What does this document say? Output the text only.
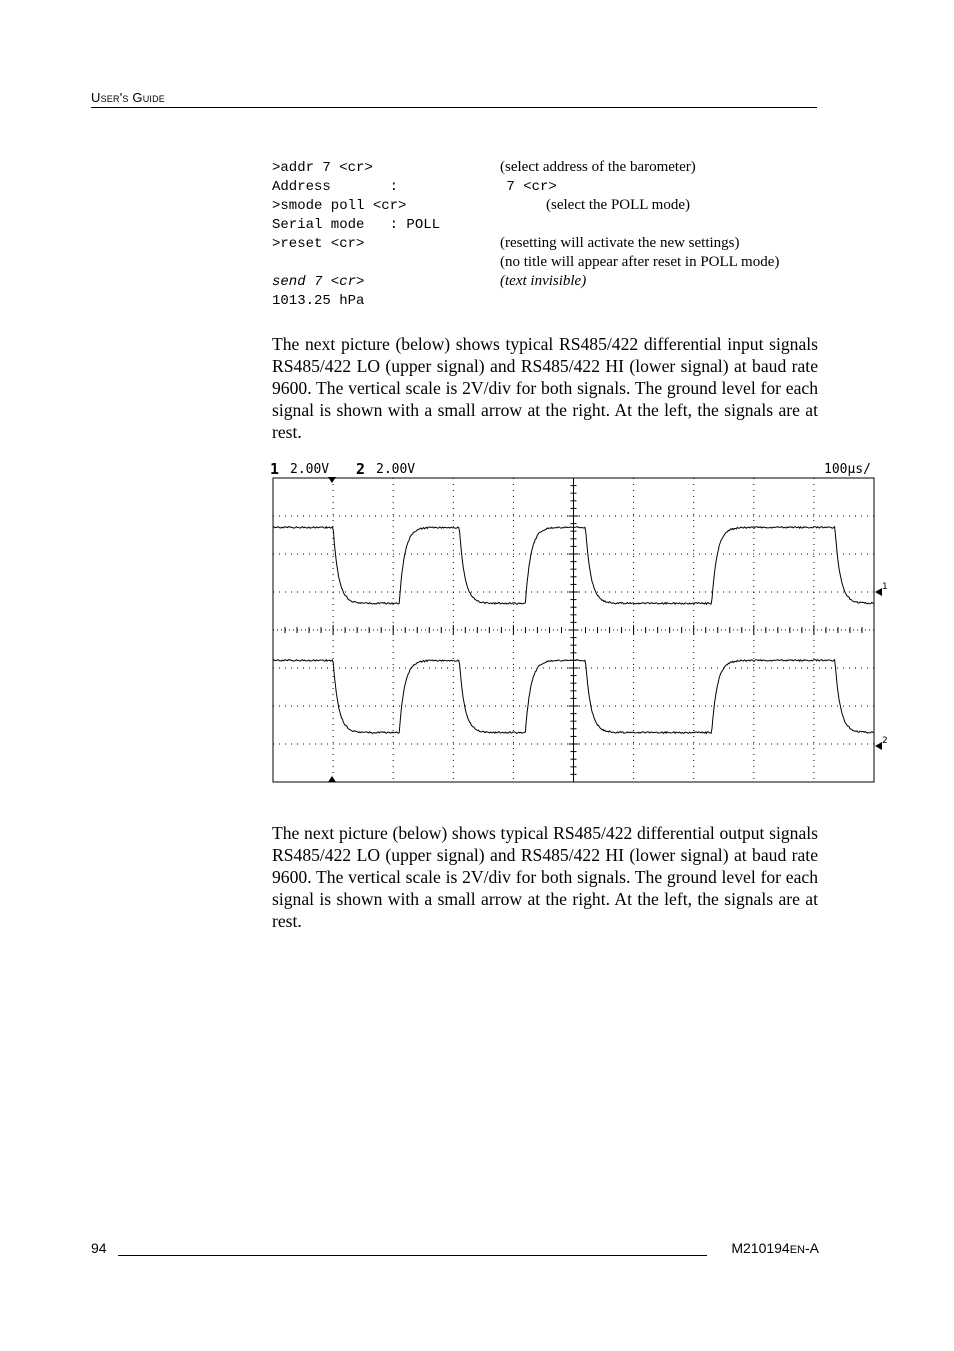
User's Guide
>addr 7 <cr>	(select address of the barometer)
Address       :	7 <cr>
>smode poll <cr>	(select the POLL mode)
Serial mode   : POLL
>reset <cr>	(resetting will activate the new settings)
(no title will appear after reset in POLL mode)
send 7 <cr>	(text invisible)
1013.25 hPa

The next picture (below) shows typical RS485/422 differential input signals RS485/422 LO (upper signal) and RS485/422 HI (lower signal) at baud rate 9600. The vertical scale is 2V/div for both signals. The ground level for each signal is shown with a small arrow at the right. At the left, the signals are at rest.

1 2.00V 2 2.00V	100µs/
1
2

The next picture (below) shows typical RS485/422 differential output signals RS485/422 LO (upper signal) and RS485/422 HI (lower signal) at baud rate 9600. The vertical scale is 2V/div for both signals. The ground level for each signal is shown with a small arrow at the right. At the left, the signals are at rest.

94	M210194EN-A
